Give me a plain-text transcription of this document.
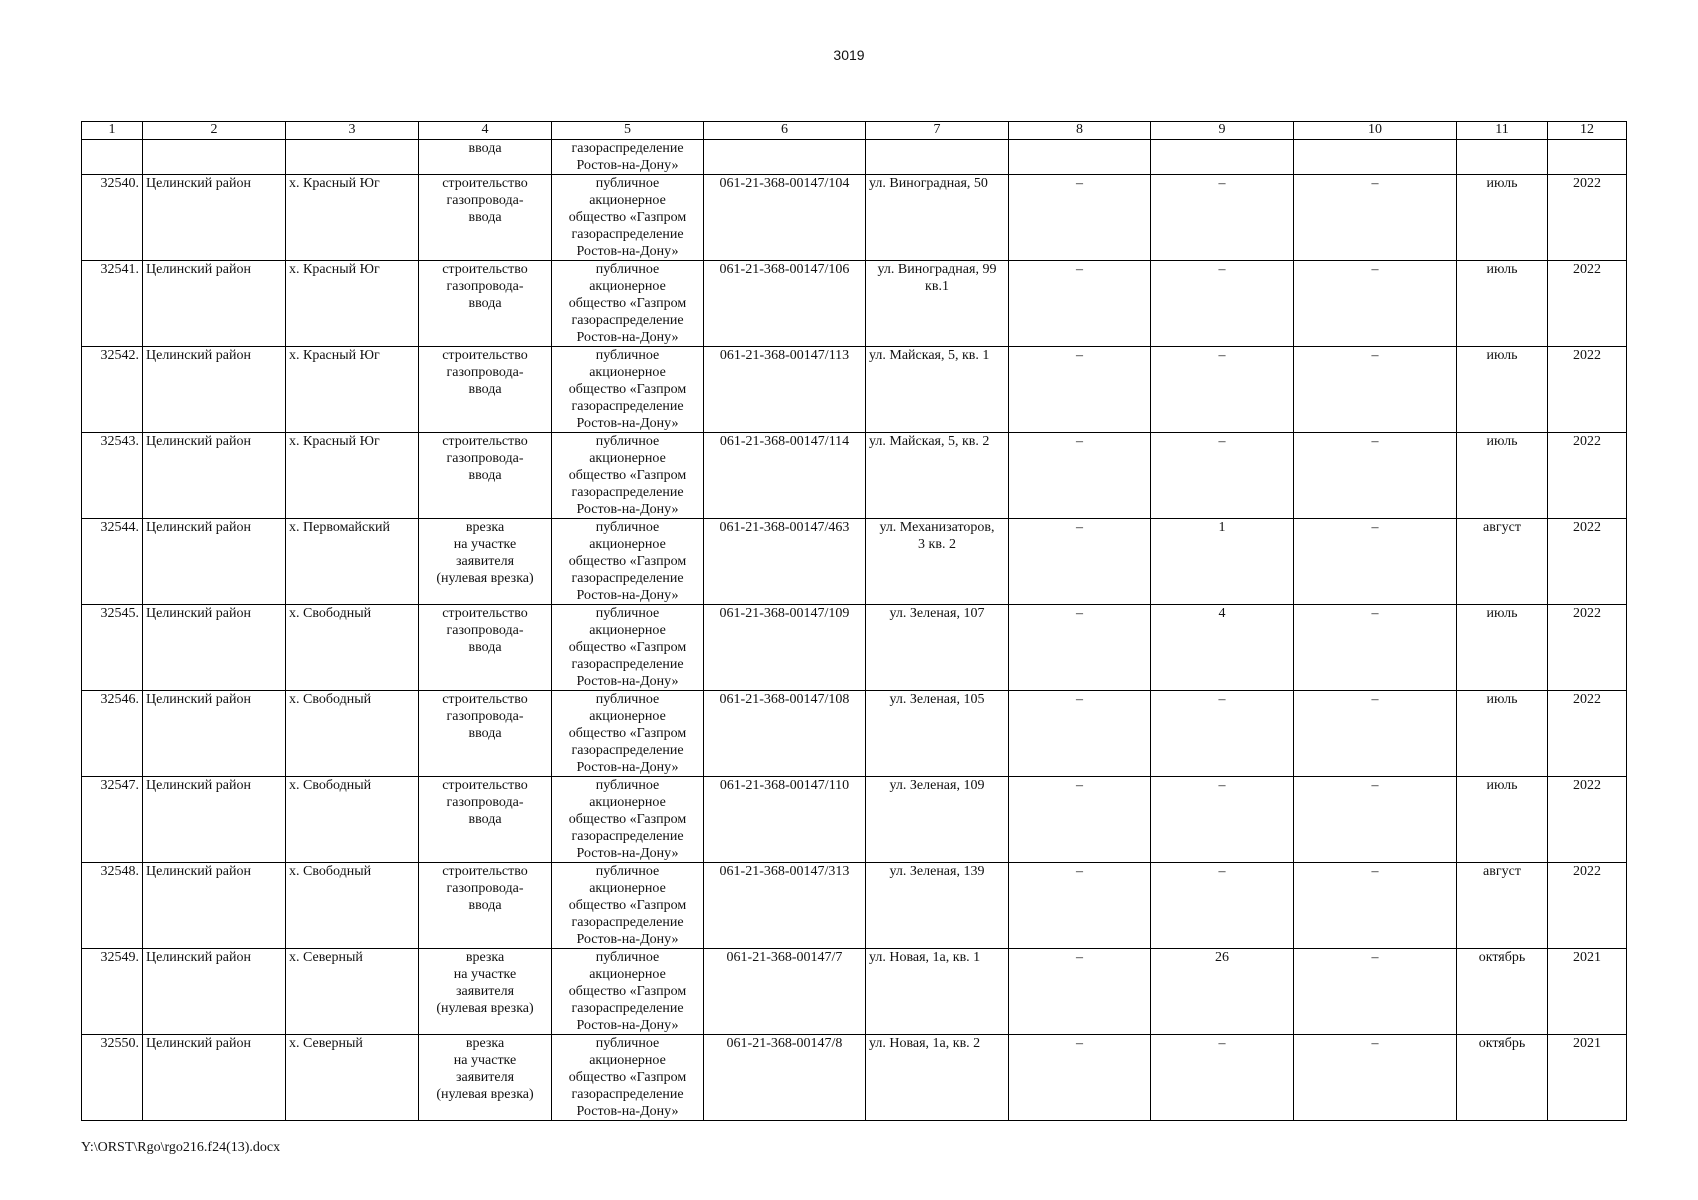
3019
1	2	3	4	5	6	7	8	9	10	11	12
			ввода	газораспределение
Ростов-на-Дону»							

32540.	Целинский район	х. Красный Юг	строительство
газопровода-
ввода	публичное
акционерное
общество «Газпром
газораспределение
Ростов-на-Дону»	061-21-368-00147/104	ул. Виноградная, 50	–	–	–	июль	2022
32541.	Целинский район	х. Красный Юг	строительство
газопровода-
ввода	публичное
акционерное
общество «Газпром
газораспределение
Ростов-на-Дону»	061-21-368-00147/106	ул. Виноградная, 99
кв.1	–	–	–	июль	2022
32542.	Целинский район	х. Красный Юг	строительство
газопровода-
ввода	публичное
акционерное
общество «Газпром
газораспределение
Ростов-на-Дону»	061-21-368-00147/113	ул. Майская, 5, кв. 1	–	–	–	июль	2022
32543.	Целинский район	х. Красный Юг	строительство
газопровода-
ввода	публичное
акционерное
общество «Газпром
газораспределение
Ростов-на-Дону»	061-21-368-00147/114	ул. Майская, 5, кв. 2	–	–	–	июль	2022
32544.	Целинский район	х. Первомайский	врезка
на участке
заявителя
(нулевая врезка)	публичное
акционерное
общество «Газпром
газораспределение
Ростов-на-Дону»	061-21-368-00147/463	ул. Механизаторов,
3 кв. 2	–	1	–	август	2022
32545.	Целинский район	х. Свободный	строительство
газопровода-
ввода	публичное
акционерное
общество «Газпром
газораспределение
Ростов-на-Дону»	061-21-368-00147/109	ул. Зеленая, 107	–	4	–	июль	2022
32546.	Целинский район	х. Свободный	строительство
газопровода-
ввода	публичное
акционерное
общество «Газпром
газораспределение
Ростов-на-Дону»	061-21-368-00147/108	ул. Зеленая, 105	–	–	–	июль	2022
32547.	Целинский район	х. Свободный	строительство
газопровода-
ввода	публичное
акционерное
общество «Газпром
газораспределение
Ростов-на-Дону»	061-21-368-00147/110	ул. Зеленая, 109	–	–	–	июль	2022
32548.	Целинский район	х. Свободный	строительство
газопровода-
ввода	публичное
акционерное
общество «Газпром
газораспределение
Ростов-на-Дону»	061-21-368-00147/313	ул. Зеленая, 139	–	–	–	август	2022
32549.	Целинский район	х. Северный	врезка
на участке
заявителя
(нулевая врезка)	публичное
акционерное
общество «Газпром
газораспределение
Ростов-на-Дону»	061-21-368-00147/7	ул. Новая, 1а, кв. 1	–	26	–	октябрь	2021
32550.	Целинский район	х. Северный	врезка
на участке
заявителя
(нулевая врезка)	публичное
акционерное
общество «Газпром
газораспределение
Ростов-на-Дону»	061-21-368-00147/8	ул. Новая, 1а, кв. 2	–	–	–	октябрь	2021
Y:\ORST\Rgo\rgo216.f24(13).docx
